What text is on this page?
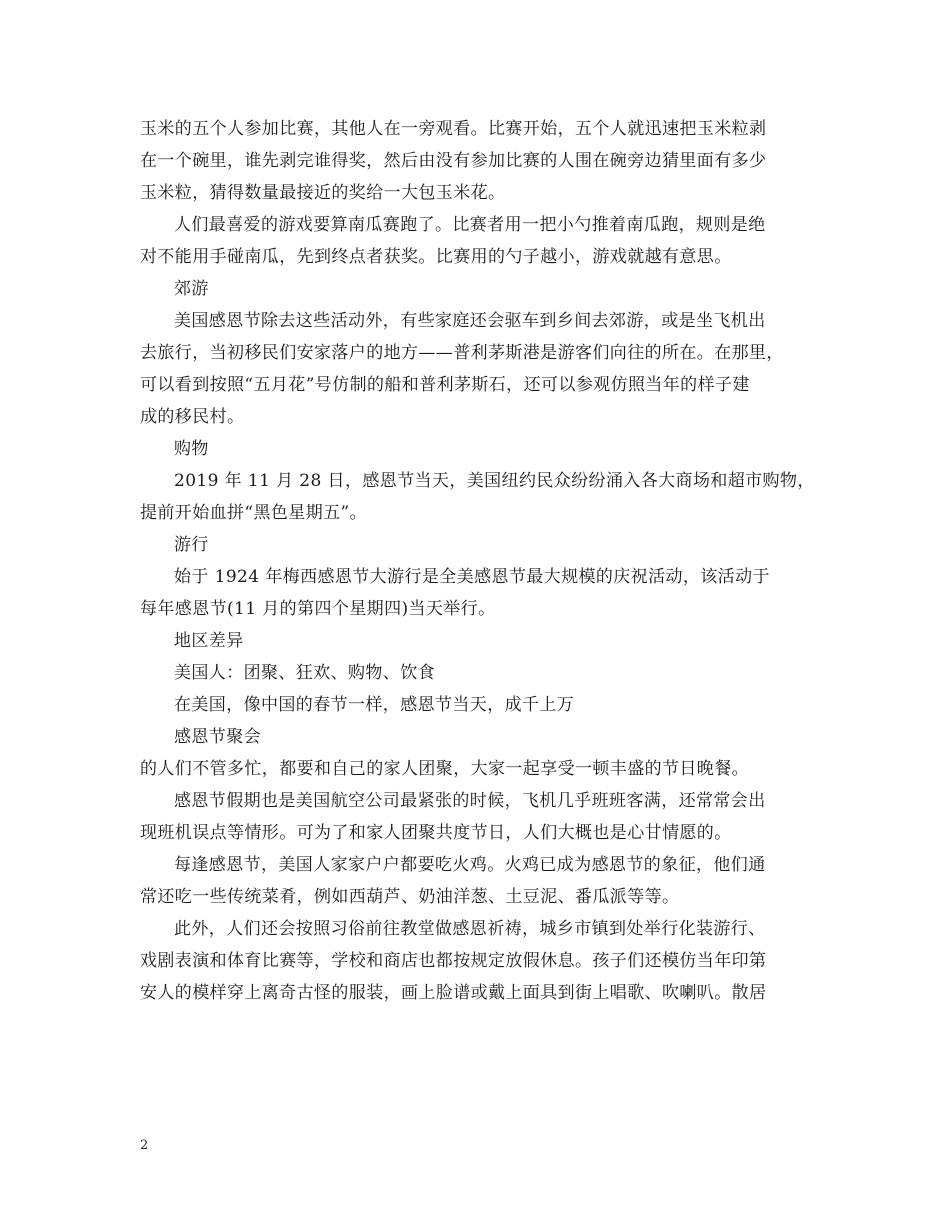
玉米的五个人参加比赛，其他人在一旁观看。比赛开始，五个人就迅速把玉米粒剥
在一个碗里，谁先剥完谁得奖，然后由没有参加比赛的人围在碗旁边猜里面有多少
玉米粒，猜得数量最接近的奖给一大包玉米花。
人们最喜爱的游戏要算南瓜赛跑了。比赛者用一把小勺推着南瓜跑，规则是绝
对不能用手碰南瓜，先到终点者获奖。比赛用的勺子越小，游戏就越有意思。
郊游
美国感恩节除去这些活动外，有些家庭还会驱车到乡间去郊游，或是坐飞机出
去旅行，当初移民们安家落户的地方——普利茅斯港是游客们向往的所在。在那里，
可以看到按照“五月花”号仿制的船和普利茅斯石，还可以参观仿照当年的样子建
成的移民村。
购物
2019 年 11 月 28 日，感恩节当天，美国纽约民众纷纷涌入各大商场和超市购物，
提前开始血拼“黑色星期五”。
游行
始于 1924 年梅西感恩节大游行是全美感恩节最大规模的庆祝活动，该活动于
每年感恩节(11 月的第四个星期四)当天举行。
地区差异
美国人：团聚、狂欢、购物、饮食
在美国，像中国的春节一样，感恩节当天，成千上万
感恩节聚会
的人们不管多忙，都要和自己的家人团聚，大家一起享受一顿丰盛的节日晚餐。
感恩节假期也是美国航空公司最紧张的时候，飞机几乎班班客满，还常常会出
现班机误点等情形。可为了和家人团聚共度节日，人们大概也是心甘情愿的。
每逢感恩节，美国人家家户户都要吃火鸡。火鸡已成为感恩节的象征，他们通
常还吃一些传统菜肴，例如西葫芦、奶油洋葱、土豆泥、番瓜派等等。
此外，人们还会按照习俗前往教堂做感恩祈祷，城乡市镇到处举行化装游行、
戏剧表演和体育比赛等，学校和商店也都按规定放假休息。孩子们还模仿当年印第
安人的模样穿上离奇古怪的服装，画上脸谱或戴上面具到街上唱歌、吹喇叭。散居
2
